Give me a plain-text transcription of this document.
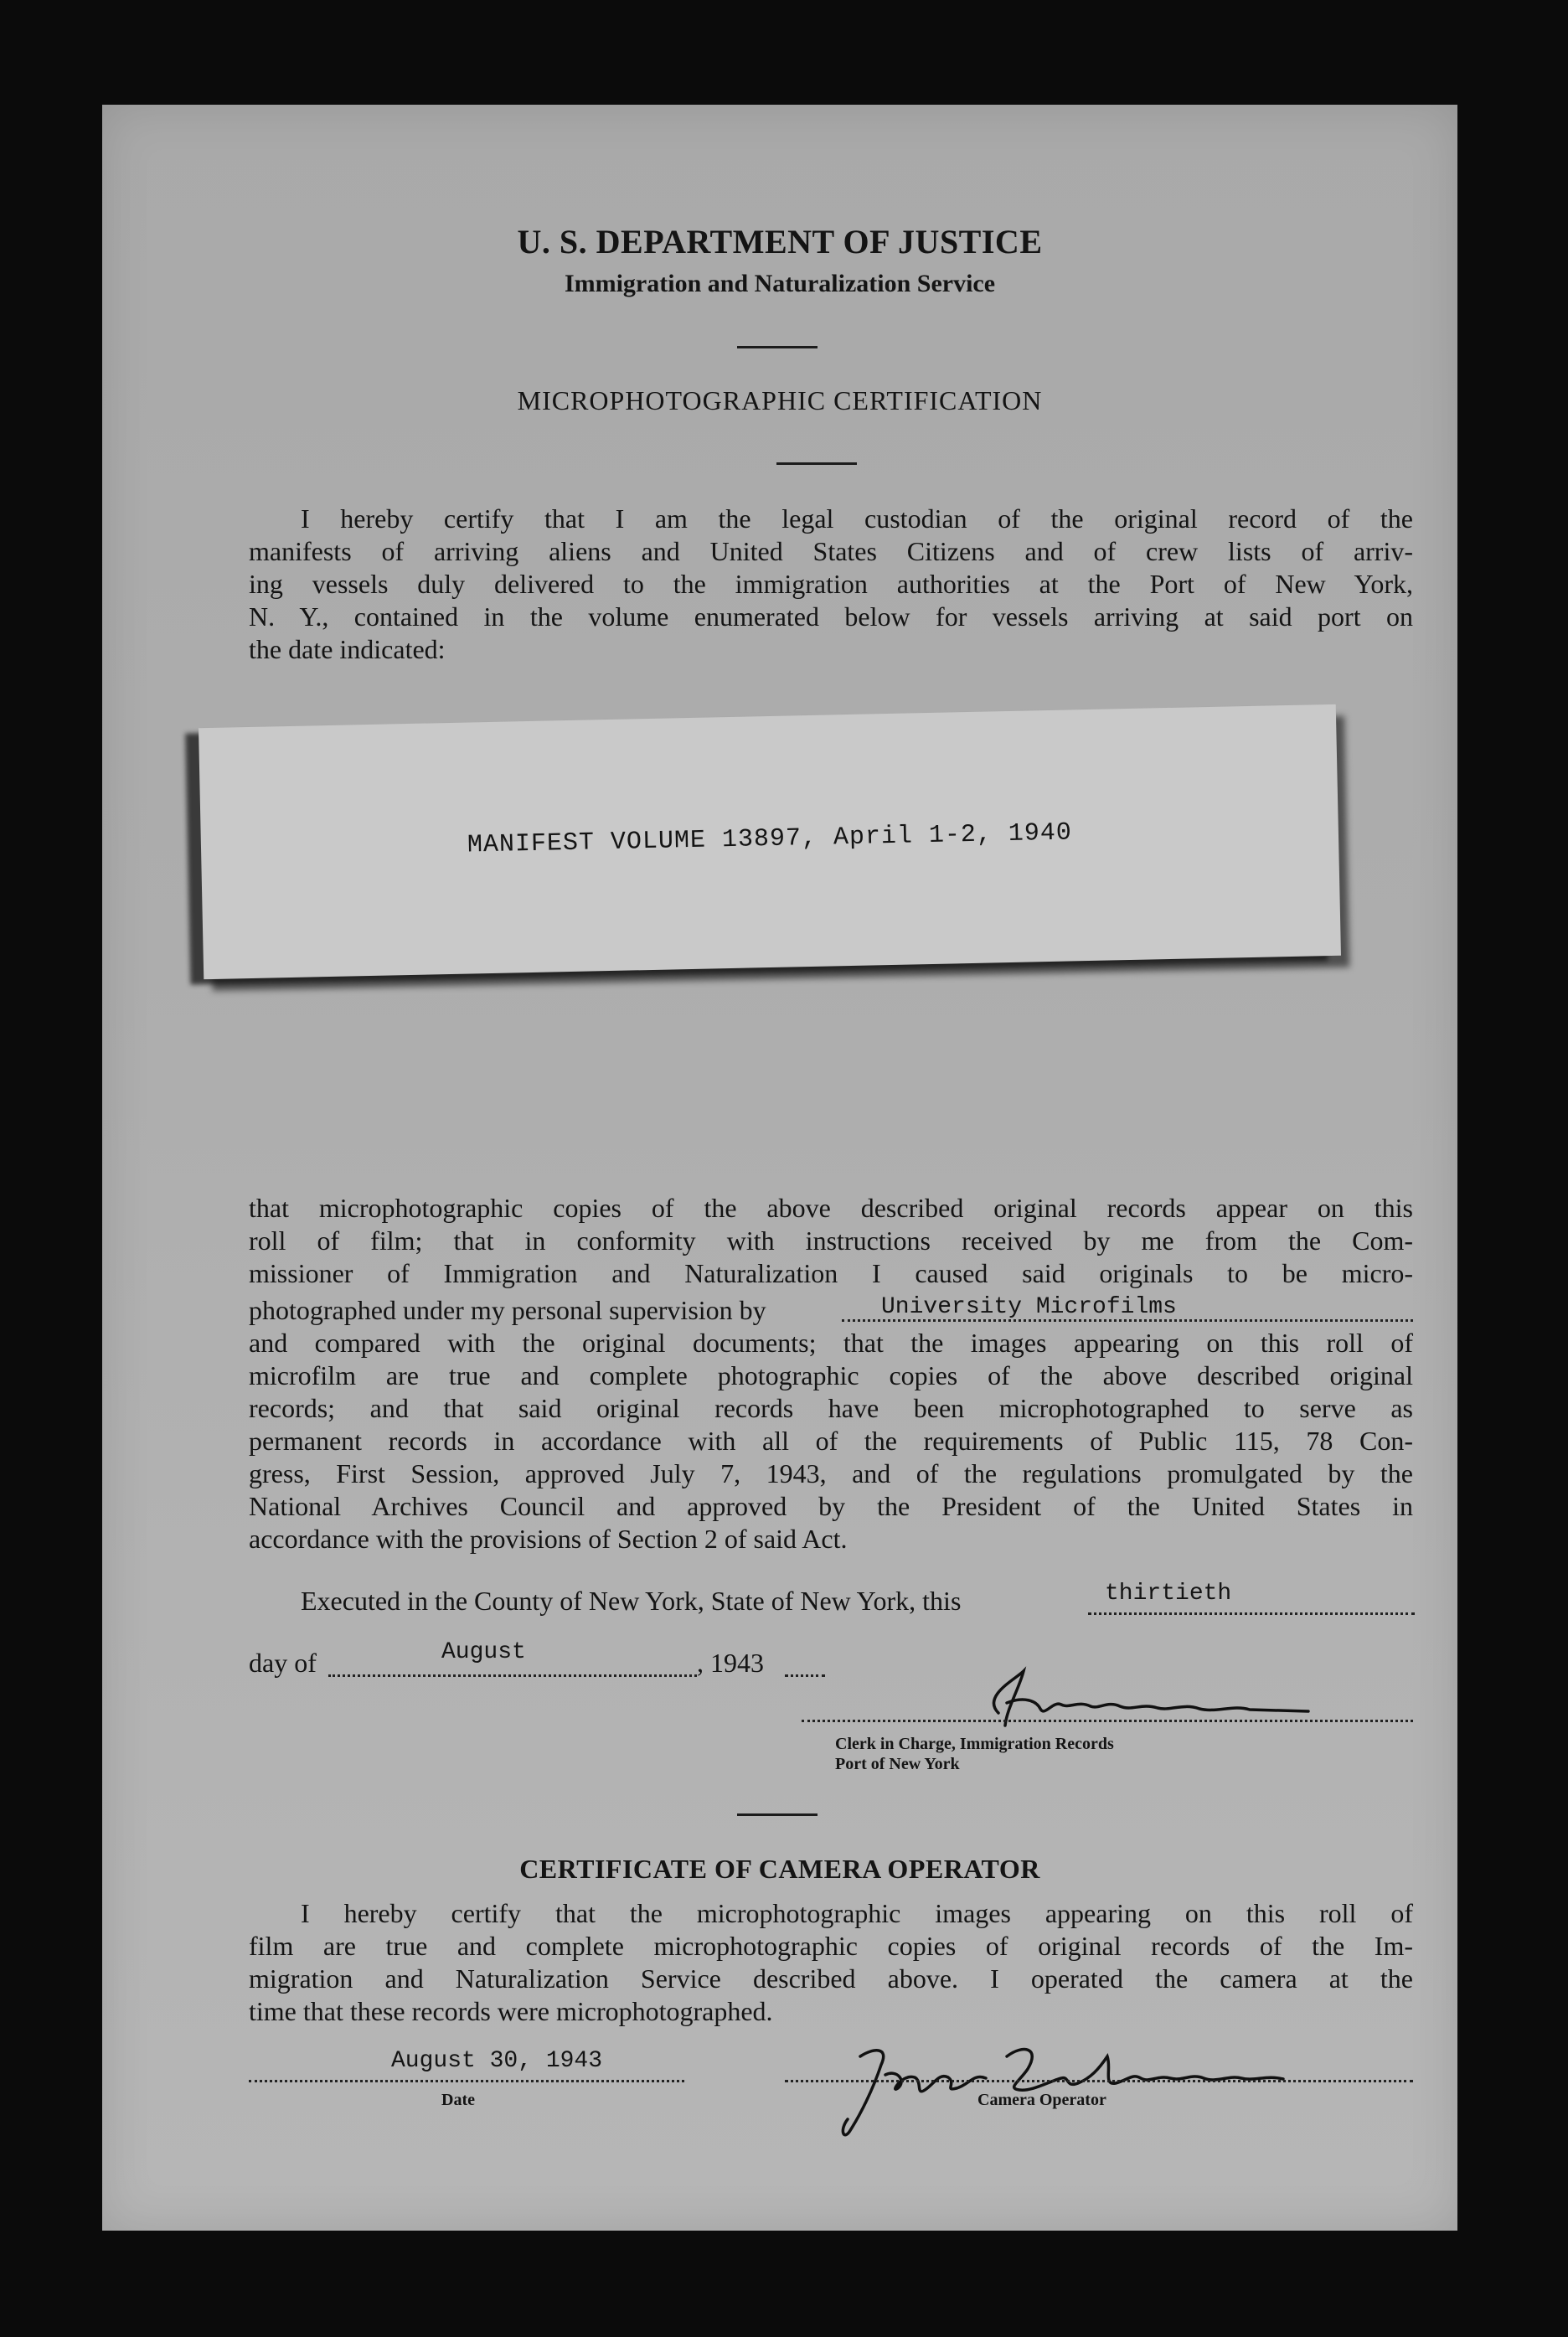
U. S. DEPARTMENT OF JUSTICE
Immigration and Naturalization Service
MICROPHOTOGRAPHIC CERTIFICATION
I hereby certify that I am the legal custodian of the original record of the
manifests of arriving aliens and United States Citizens and of crew lists of arriv-
ing vessels duly delivered to the immigration authorities at the Port of New York,
N. Y., contained in the volume enumerated below for vessels arriving at said port on
the date indicated:
MANIFEST VOLUME 13897, April 1-2, 1940
that microphotographic copies of the above described original records appear on this
roll of film; that in conformity with instructions received by me from the Com-
missioner of Immigration and Naturalization I caused said originals to be micro-
photographed under my personal supervision by	University Microfilms
and compared with the original documents; that the images appearing on this roll of
microfilm are true and complete photographic copies of the above described original
records; and that said original records have been microphotographed to serve as
permanent records in accordance with all of the requirements of Public 115, 78 Con-
gress, First Session, approved July 7, 1943, and of the regulations promulgated by the
National Archives Council and approved by the President of the United States in
accordance with the provisions of Section 2 of said Act.
Executed in the County of New York, State of New York, this	thirtieth
day of	August	, 1943
Clerk in Charge, Immigration Records
Port of New York
CERTIFICATE OF CAMERA OPERATOR
I hereby certify that the microphotographic images appearing on this roll of
film are true and complete microphotographic copies of original records of the Im-
migration and Naturalization Service described above. I operated the camera at the
time that these records were microphotographed.
August 30, 1943
Date	Camera Operator
